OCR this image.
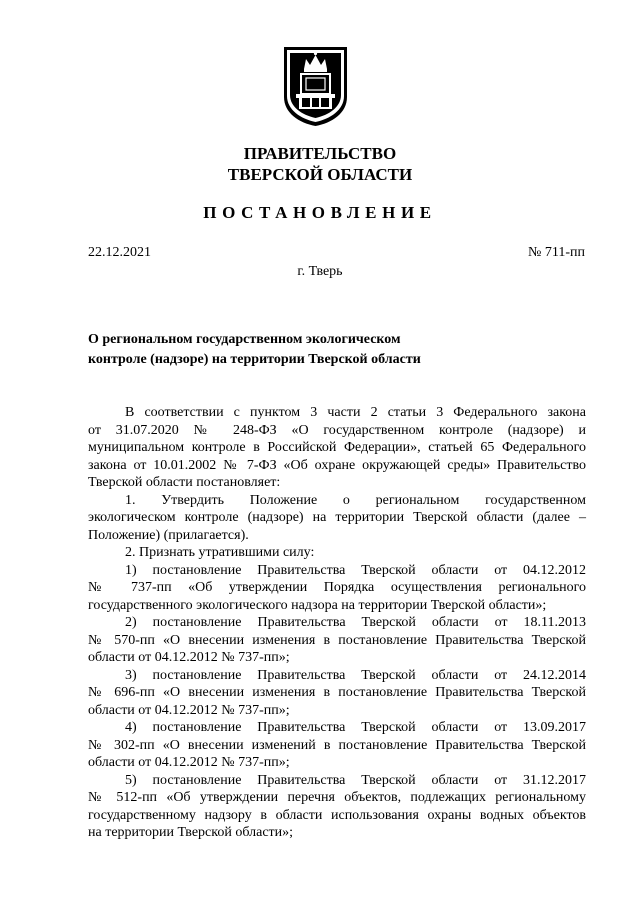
ПРАВИТЕЛЬСТВО
ТВЕРСКОЙ ОБЛАСТИ
ПОСТАНОВЛЕНИЕ
22.12.2021	№ 711-пп
г. Тверь
О региональном государственном экологическом
контроле (надзоре) на территории Тверской области
В соответствии с пунктом 3 части 2 статьи 3 Федерального закона
от 31.07.2020 № 248-ФЗ «О государственном контроле (надзоре) и
муниципальном контроле в Российской Федерации», статьей 65 Федерального
закона от 10.01.2002 № 7-ФЗ «Об охране окружающей среды» Правительство
Тверской области постановляет:
1. Утвердить Положение о региональном государственном
экологическом контроле (надзоре) на территории Тверской области (далее –
Положение) (прилагается).
2. Признать утратившими силу:
1) постановление Правительства Тверской области от 04.12.2012
№ 737-пп «Об утверждении Порядка осуществления регионального
государственного экологического надзора на территории Тверской области»;
2) постановление Правительства Тверской области от 18.11.2013
№ 570-пп «О внесении изменения в постановление Правительства Тверской
области от 04.12.2012 № 737-пп»;
3) постановление Правительства Тверской области от 24.12.2014
№ 696-пп «О внесении изменения в постановление Правительства Тверской
области от 04.12.2012 № 737-пп»;
4) постановление Правительства Тверской области от 13.09.2017
№ 302-пп «О внесении изменений в постановление Правительства Тверской
области от 04.12.2012 № 737-пп»;
5) постановление Правительства Тверской области от 31.12.2017
№ 512-пп «Об утверждении перечня объектов, подлежащих региональному
государственному надзору в области использования охраны водных объектов
на территории Тверской области»;
